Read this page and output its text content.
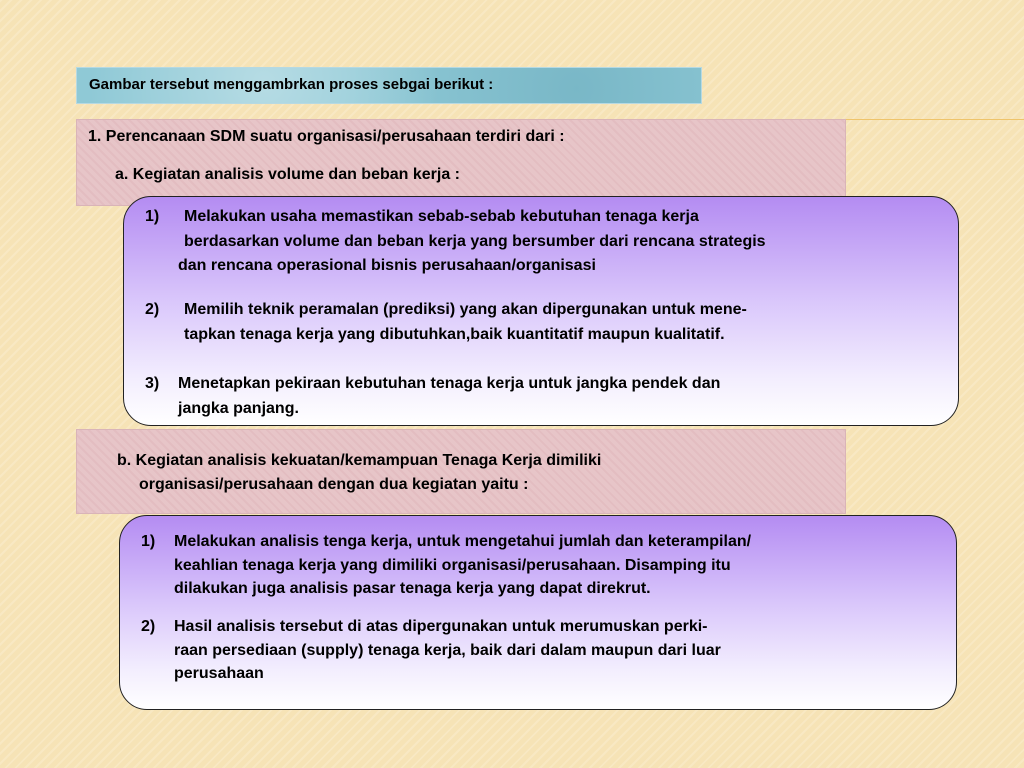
Gambar tersebut menggambrkan proses sebgai berikut :
1. Perencanaan SDM suatu organisasi/perusahaan terdiri dari :
a. Kegiatan analisis volume dan beban kerja :
1) Melakukan usaha memastikan sebab-sebab kebutuhan tenaga kerja
berdasarkan volume dan beban kerja yang bersumber dari rencana strategis
dan rencana operasional bisnis perusahaan/organisasi
2) Memilih teknik peramalan (prediksi) yang akan dipergunakan untuk mene-
tapkan tenaga kerja yang dibutuhkan,baik kuantitatif maupun kualitatif.
3) Menetapkan pekiraan kebutuhan tenaga kerja untuk jangka pendek dan
jangka panjang.
b. Kegiatan analisis kekuatan/kemampuan Tenaga Kerja dimiliki
organisasi/perusahaan dengan dua kegiatan yaitu :
1) Melakukan analisis tenga kerja, untuk mengetahui jumlah dan keterampilan/
keahlian tenaga kerja yang dimiliki organisasi/perusahaan. Disamping itu
dilakukan juga analisis pasar tenaga kerja yang dapat direkrut.
2) Hasil analisis tersebut di atas dipergunakan untuk merumuskan perki-
raan persediaan (supply) tenaga kerja, baik dari dalam maupun dari luar
perusahaan
